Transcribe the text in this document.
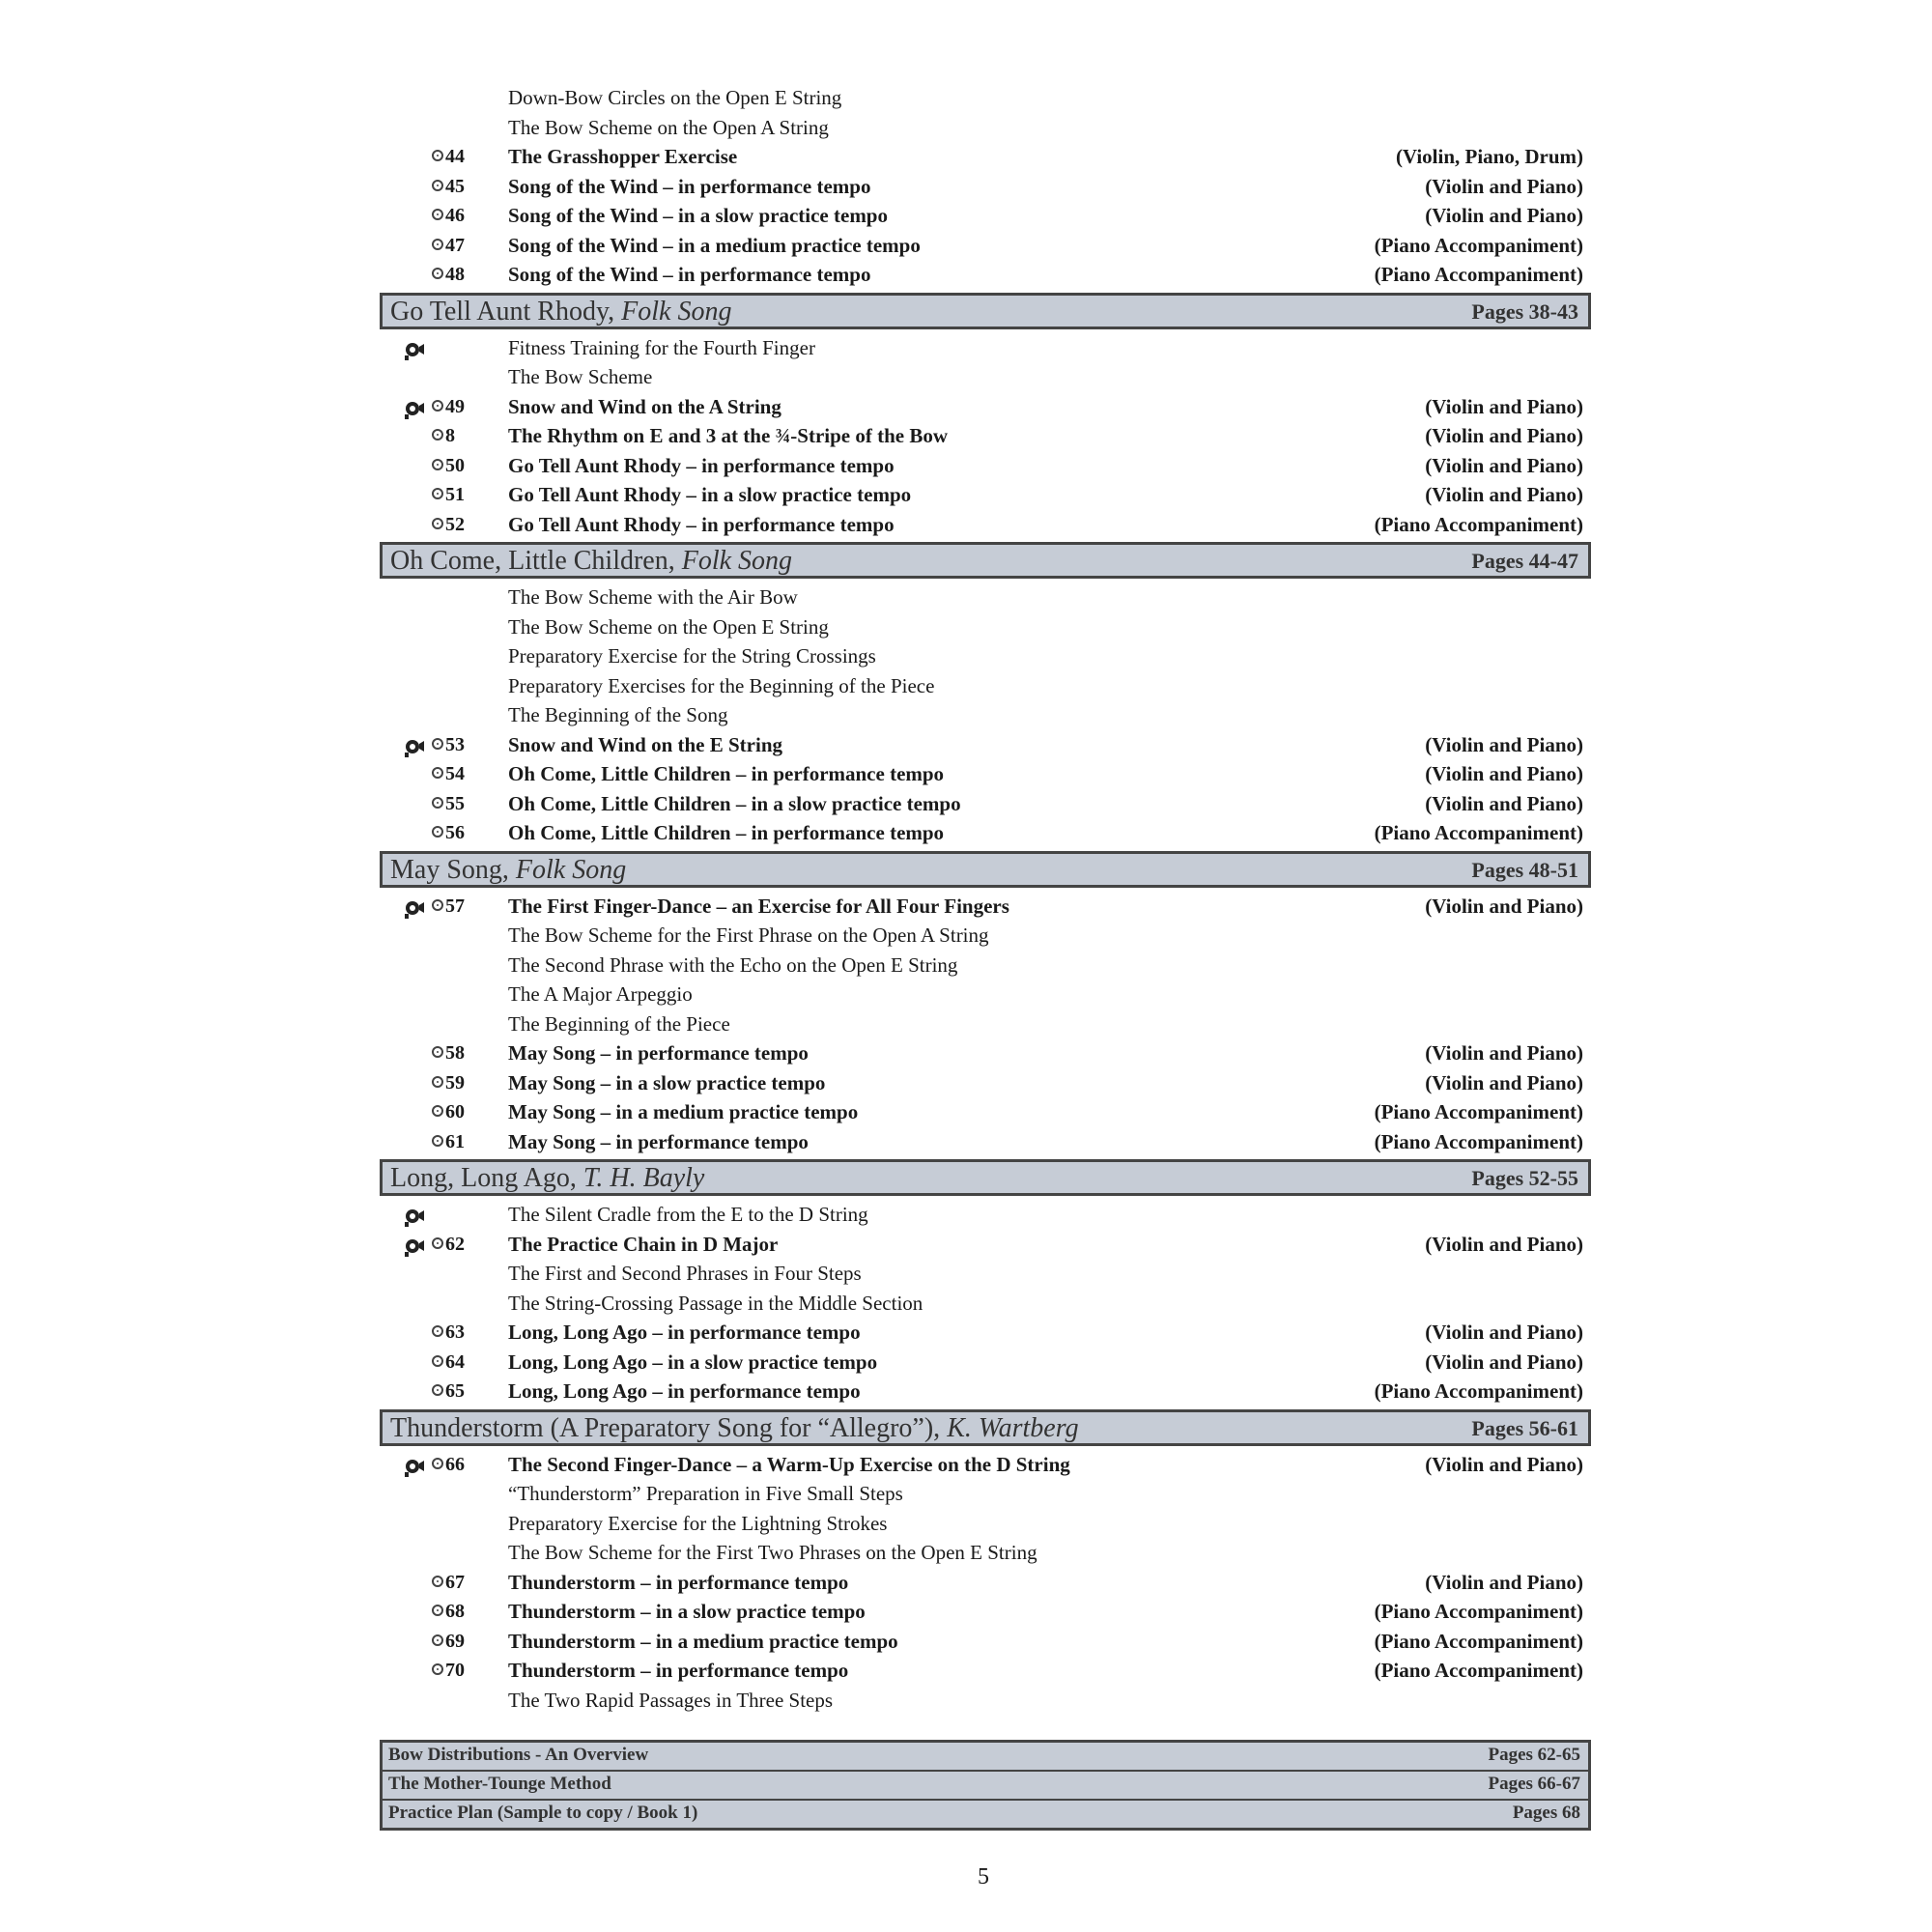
Down-Bow Circles on the Open E String
The Bow Scheme on the Open A String
44 The Grasshopper Exercise	(Violin, Piano, Drum)
45 Song of the Wind – in performance tempo	(Violin and Piano)
46 Song of the Wind – in a slow practice tempo	(Violin and Piano)
47 Song of the Wind – in a medium practice tempo	(Piano Accompaniment)
48 Song of the Wind – in performance tempo	(Piano Accompaniment)
Go Tell Aunt Rhody, Folk Song	Pages 38-43
Fitness Training for the Fourth Finger
The Bow Scheme
49 Snow and Wind on the A String	(Violin and Piano)
8	The Rhythm on E and 3 at the ¾-Stripe of the Bow	(Violin and Piano)
50 Go Tell Aunt Rhody – in performance tempo	(Violin and Piano)
51 Go Tell Aunt Rhody – in a slow practice tempo	(Violin and Piano)
52 Go Tell Aunt Rhody – in performance tempo	(Piano Accompaniment)
Oh Come, Little Children, Folk Song	Pages 44-47
The Bow Scheme with the Air Bow
The Bow Scheme on the Open E String
Preparatory Exercise for the String Crossings
Preparatory Exercises for the Beginning of the Piece
The Beginning of the Song
53 Snow and Wind on the E String	(Violin and Piano)
54 Oh Come, Little Children – in performance tempo	(Violin and Piano)
55 Oh Come, Little Children – in a slow practice tempo	(Violin and Piano)
56 Oh Come, Little Children – in performance tempo	(Piano Accompaniment)
May Song, Folk Song	Pages 48-51
57 The First Finger-Dance – an Exercise for All Four Fingers	(Violin and Piano)
The Bow Scheme for the First Phrase on the Open A String
The Second Phrase with the Echo on the Open E String
The A Major Arpeggio
The Beginning of the Piece
58 May Song – in performance tempo	(Violin and Piano)
59 May Song – in a slow practice tempo	(Violin and Piano)
60 May Song – in a medium practice tempo	(Piano Accompaniment)
61 May Song – in performance tempo	(Piano Accompaniment)
Long, Long Ago, T. H. Bayly	Pages 52-55
The Silent Cradle from the E to the D String
62 The Practice Chain in D Major	(Violin and Piano)
The First and Second Phrases in Four Steps
The String-Crossing Passage in the Middle Section
63 Long, Long Ago – in performance tempo	(Violin and Piano)
64 Long, Long Ago – in a slow practice tempo	(Violin and Piano)
65 Long, Long Ago – in performance tempo	(Piano Accompaniment)
Thunderstorm (A Preparatory Song for “Allegro”), K. Wartberg	Pages 56-61
66 The Second Finger-Dance – a Warm-Up Exercise on the D String	(Violin and Piano)
“Thunderstorm” Preparation in Five Small Steps
Preparatory Exercise for the Lightning Strokes
The Bow Scheme for the First Two Phrases on the Open E String
67 Thunderstorm – in performance tempo	(Violin and Piano)
68 Thunderstorm – in a slow practice tempo	(Piano Accompaniment)
69 Thunderstorm – in a medium practice tempo	(Piano Accompaniment)
70 Thunderstorm – in performance tempo	(Piano Accompaniment)
The Two Rapid Passages in Three Steps
Bow Distributions - An Overview	Pages 62-65
The Mother-Tounge Method	Pages 66-67
Practice Plan (Sample to copy / Book 1)	Pages 68
5
